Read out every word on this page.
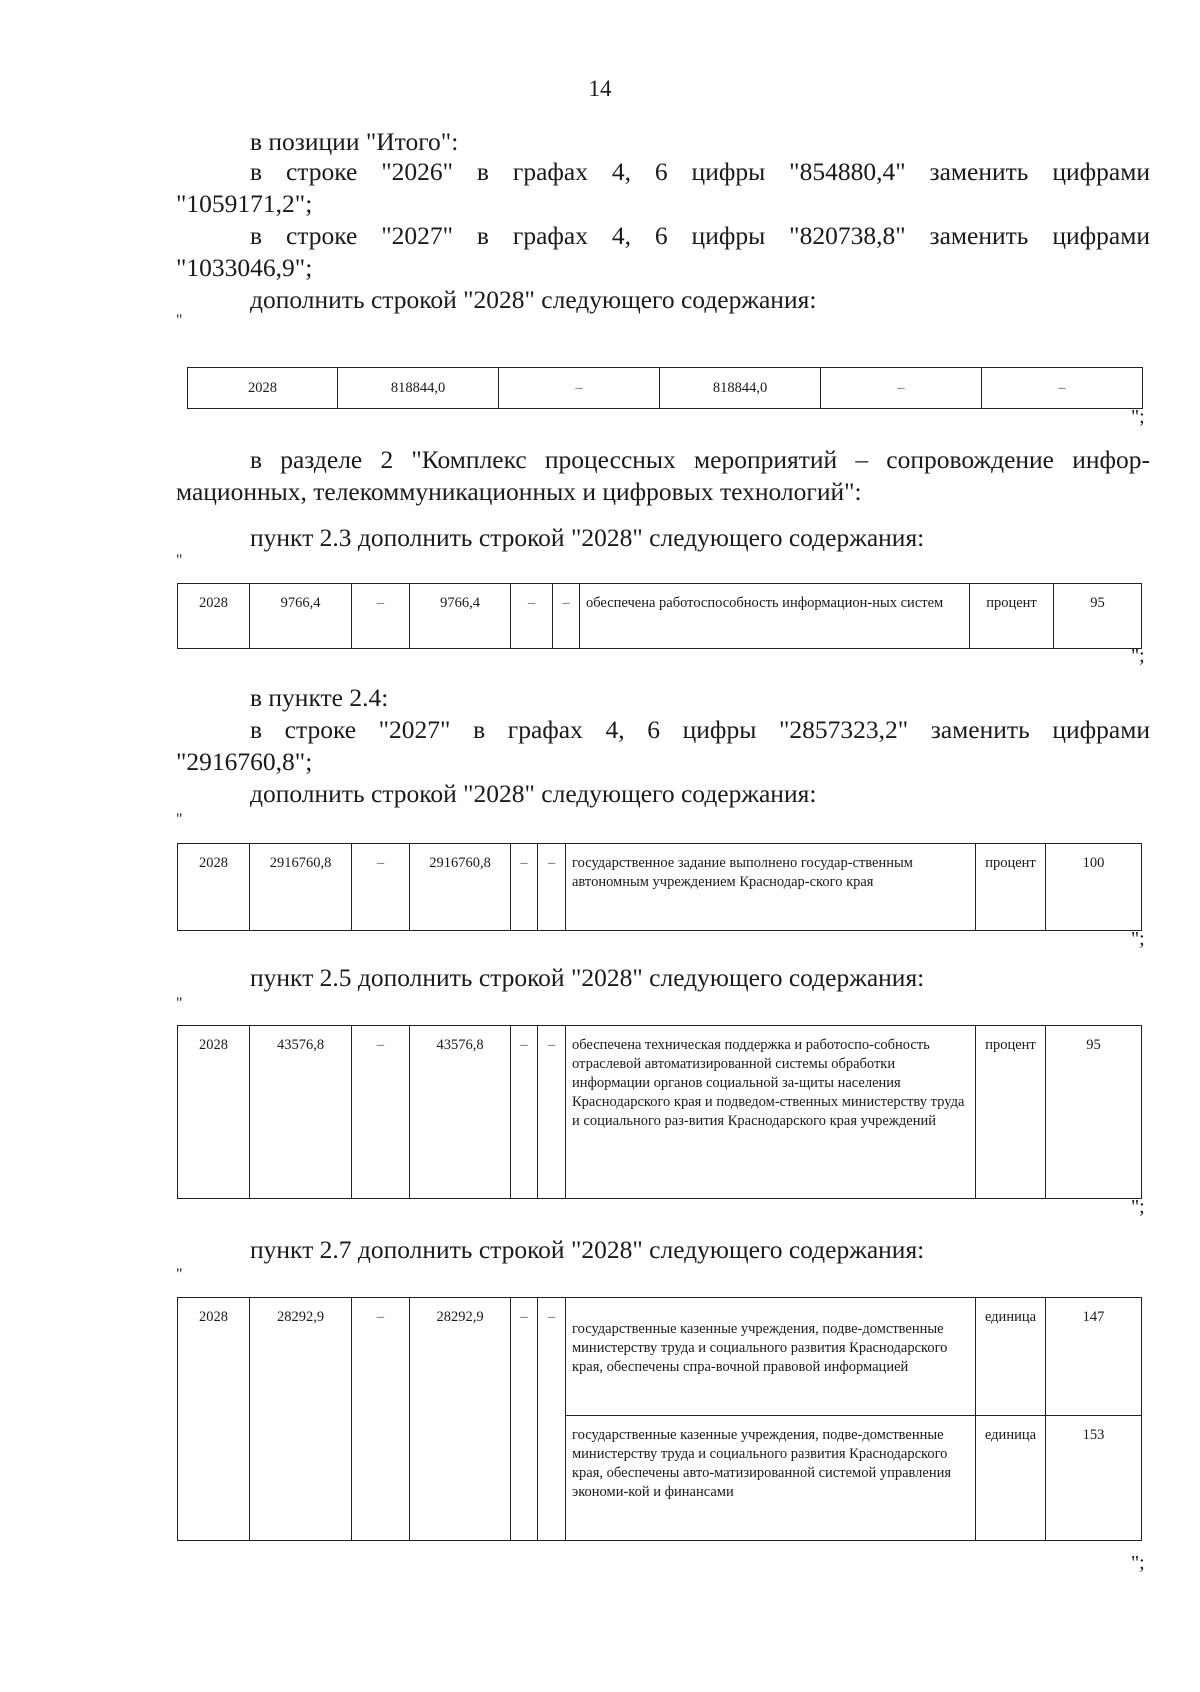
14
в позиции "Итого":
в строке "2026" в графах 4, 6 цифры "854880,4" заменить цифрами
"1059171,2";
в строке "2027" в графах 4, 6 цифры "820738,8" заменить цифрами
"1033046,9";
дополнить строкой "2028" следующего содержания:
"
2028	818844,0	–	818844,0	–	–
";
в разделе 2 "Комплекс процессных мероприятий – сопровождение инфор-
мационных, телекоммуникационных и цифровых технологий":
пункт 2.3 дополнить строкой "2028" следующего содержания:
"
2028	9766,4	–	9766,4	–	–	обеспечена работоспособность информацион-ных систем	процент	95
";
в пункте 2.4:
в строке "2027" в графах 4, 6 цифры "2857323,2" заменить цифрами
"2916760,8";
дополнить строкой "2028" следующего содержания:
"
2028	2916760,8	–	2916760,8	–	–	государственное задание выполнено государ-ственным автономным учреждением Краснодар-ского края	процент	100
";
пункт 2.5 дополнить строкой "2028" следующего содержания:
"
2028	43576,8	–	43576,8	–	–	обеспечена техническая поддержка и работоспо-собность отраслевой автоматизированной системы обработки информации органов социальной за-щиты населения Краснодарского края и подведом-ственных министерству труда и социального раз-вития Краснодарского края учреждений	процент	95
";
пункт 2.7 дополнить строкой "2028" следующего содержания:
"
2028	28292,9	–	28292,9	–	–	государственные казенные учреждения, подве-домственные министерству труда и социального развития Краснодарского края, обеспечены спра-вочной правовой информацией	единица	147
						государственные казенные учреждения, подве-домственные министерству труда и социального развития Краснодарского края, обеспечены авто-матизированной системой управления экономи-кой и финансами	единица	153
";
